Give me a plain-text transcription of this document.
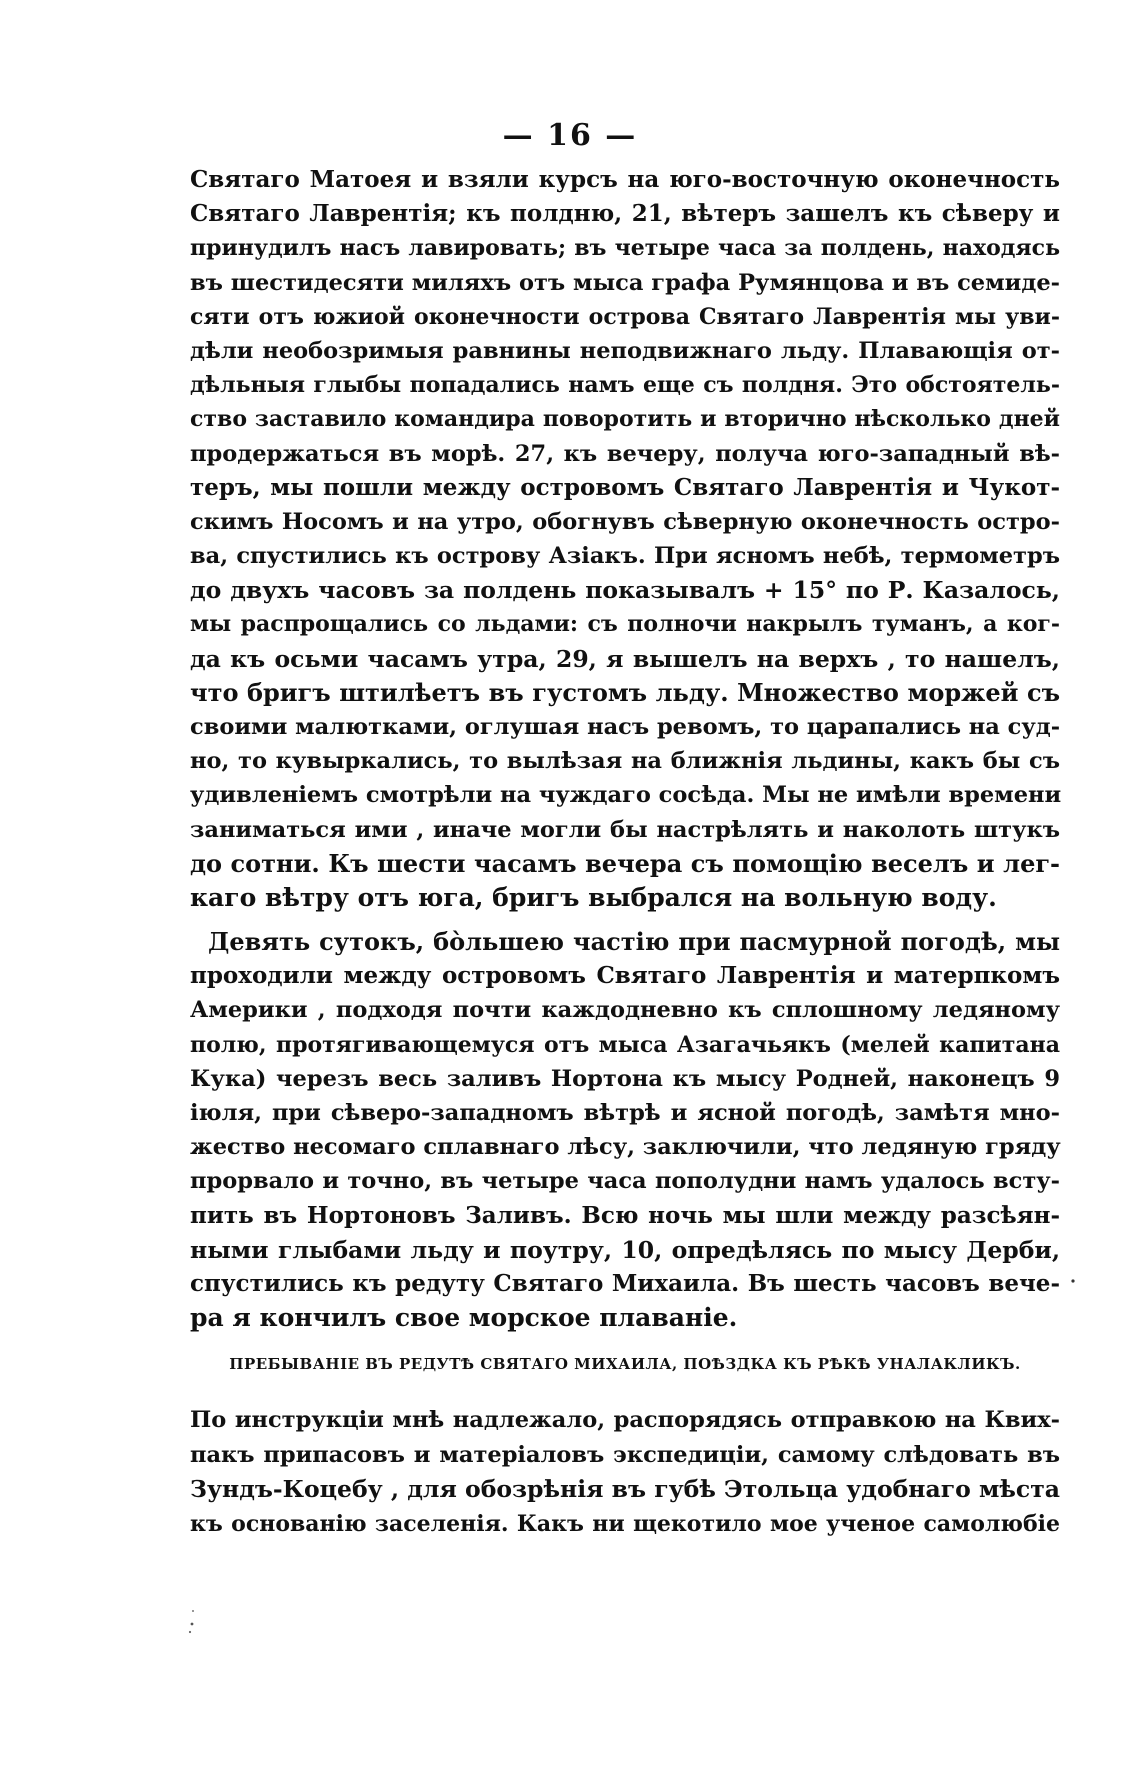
— 16 —
Святаго Матоея и взяли курсъ на юго-восточную оконечность
Святаго Лаврентія; къ полдню, 21, вѣтеръ зашелъ къ сѣверу и
принудилъ насъ лавировать; въ четыре часа за полдень, находясь
въ шестидесяти миляхъ отъ мыса графа Румянцова и въ семиде-
сяти отъ южиой оконечности острова Святаго Лаврентія мы уви-
дѣли необозримыя равнины неподвижнаго льду. Плавающія от-
дѣльныя глыбы попадались намъ еще съ полдня. Это обстоятель-
ство заставило командира поворотить и вторично нѣсколько дней
продержаться въ морѣ. 27, къ вечеру, получа юго-западный вѣ-
теръ, мы пошли между островомъ Святаго Лаврентія и Чукот-
скимъ Носомъ и на утро, обогнувъ сѣверную оконечность остро-
ва, спустились къ острову Азіакъ. При ясномъ небѣ, термометръ
до двухъ часовъ за полдень показывалъ + 15° по Р. Казалось,
мы распрощались со льдами: съ полночи накрылъ туманъ, а ког-
да къ осьми часамъ утра, 29, я вышелъ на верхъ , то нашелъ,
что бригъ штилѣетъ въ густомъ льду. Множество моржей съ
своими малютками, оглушая насъ ревомъ, то царапались на суд-
но, то кувыркались, то вылѣзая на ближнія льдины, какъ бы съ
удивленіемъ смотрѣли на чуждаго сосѣда. Мы не имѣли времени
заниматься ими , иначе могли бы настрѣлять и наколоть штукъ
до сотни. Къ шести часамъ вечера съ помощію веселъ и лег-
каго вѣтру отъ юга, бригъ выбрался на вольную воду.
Девять сутокъ, бо̀льшею частію при пасмурной погодѣ, мы
проходили между островомъ Святаго Лаврентія и матерпкомъ
Америки , подходя почти каждодневно къ сплошному ледяному
полю, протягивающемуся отъ мыса Азагачьякъ (мелей капитана
Кука) черезъ весь заливъ Нортона къ мысу Родней, наконецъ 9
іюля, при сѣверо-западномъ вѣтрѣ и ясной погодѣ, замѣтя мно-
жество несомаго сплавнаго лѣсу, заключили, что ледяную гряду
прорвало и точно, въ четыре часа пополудни намъ удалось всту-
пить въ Нортоновъ Заливъ. Всю ночь мы шли между разсѣян-
ными глыбами льду и поутру, 10, опредѣлясь по мысу Дерби,
спустились къ редуту Святаго Михаила. Въ шесть часовъ вече-
ра я кончилъ свое морское плаваніе.
ПРЕБЫВАНІЕ ВЪ РЕДУТѢ СВЯТАГО МИХАИЛА, ПОѢЗДКА КЪ РѢКѢ УНАЛАКЛИКЪ.
По инструкціи мнѣ надлежало, распорядясь отправкою на Квих-
пакъ припасовъ и матеріаловъ экспедиціи, самому слѣдовать въ
Зундъ-Коцебу , для обозрѣнія въ губѣ Этольца удобнаго мѣста
къ основанію заселенія. Какъ ни щекотило мое ученое самолюбіе
